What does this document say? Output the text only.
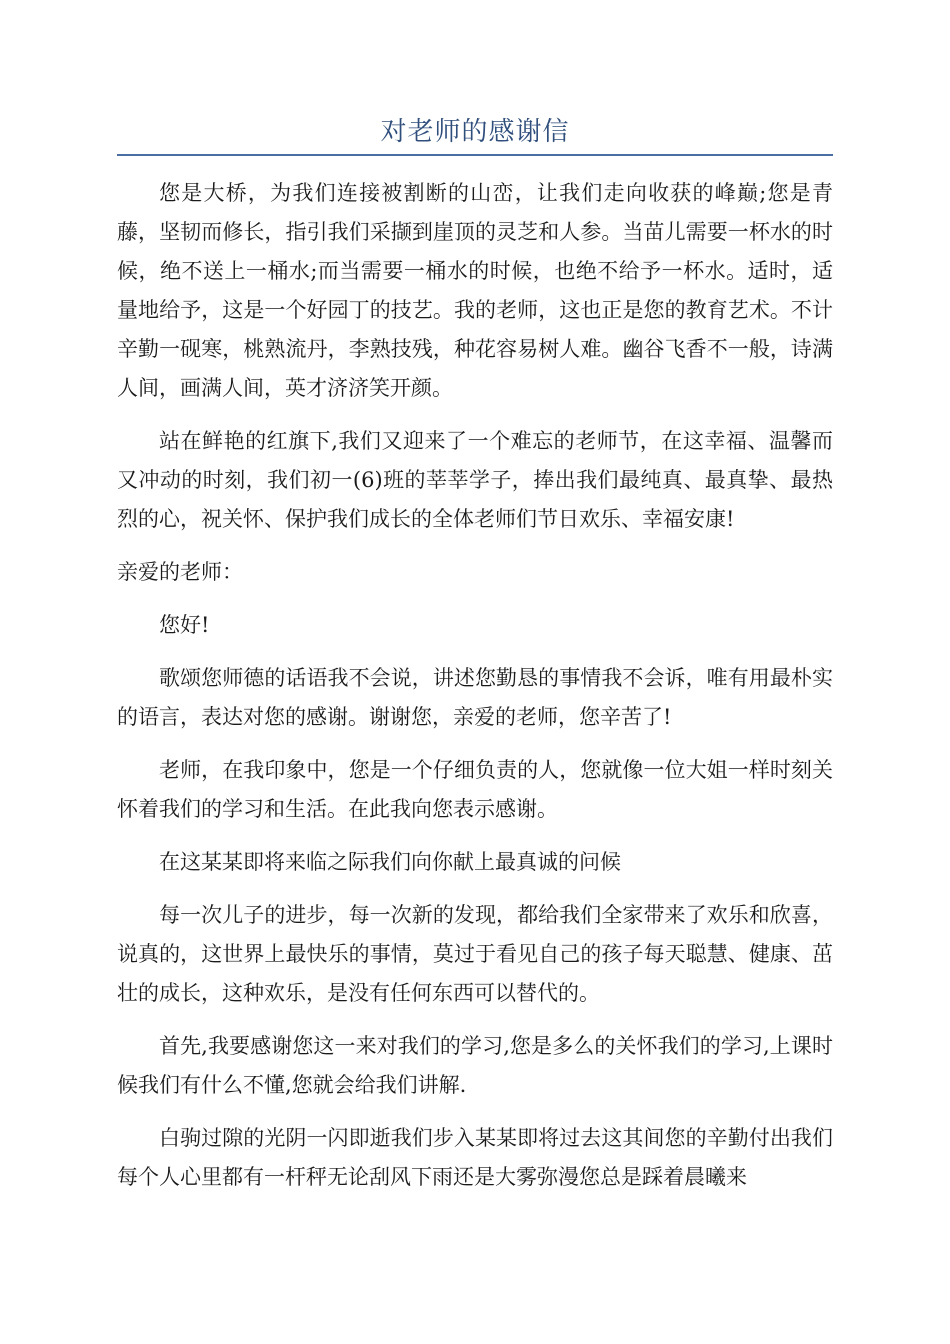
对老师的感谢信

您是大桥，为我们连接被割断的山峦，让我们走向收获的峰巅;您是青藤，坚韧而修长，指引我们采撷到崖顶的灵芝和人参。当苗儿需要一杯水的时候，绝不送上一桶水;而当需要一桶水的时候，也绝不给予一杯水。适时，适量地给予，这是一个好园丁的技艺。我的老师，这也正是您的教育艺术。不计辛勤一砚寒，桃熟流丹，李熟技残，种花容易树人难。幽谷飞香不一般，诗满人间，画满人间，英才济济笑开颜。

站在鲜艳的红旗下,我们又迎来了一个难忘的老师节，在这幸福、温馨而又冲动的时刻，我们初一(6)班的莘莘学子，捧出我们最纯真、最真挚、最热烈的心，祝关怀、保护我们成长的全体老师们节日欢乐、幸福安康!

亲爱的老师：

您好!

歌颂您师德的话语我不会说，讲述您勤恳的事情我不会诉，唯有用最朴实的语言，表达对您的感谢。谢谢您，亲爱的老师，您辛苦了!

老师，在我印象中，您是一个仔细负责的人，您就像一位大姐一样时刻关怀着我们的学习和生活。在此我向您表示感谢。

在这某某即将来临之际我们向你献上最真诚的问候

每一次儿子的进步，每一次新的发现，都给我们全家带来了欢乐和欣喜，说真的，这世界上最快乐的事情，莫过于看见自己的孩子每天聪慧、健康、茁壮的成长，这种欢乐，是没有任何东西可以替代的。

首先,我要感谢您这一来对我们的学习,您是多么的关怀我们的学习,上课时候我们有什么不懂,您就会给我们讲解.

白驹过隙的光阴一闪即逝我们步入某某即将过去这其间您的辛勤付出我们每个人心里都有一杆秤无论刮风下雨还是大雾弥漫您总是踩着晨曦来
